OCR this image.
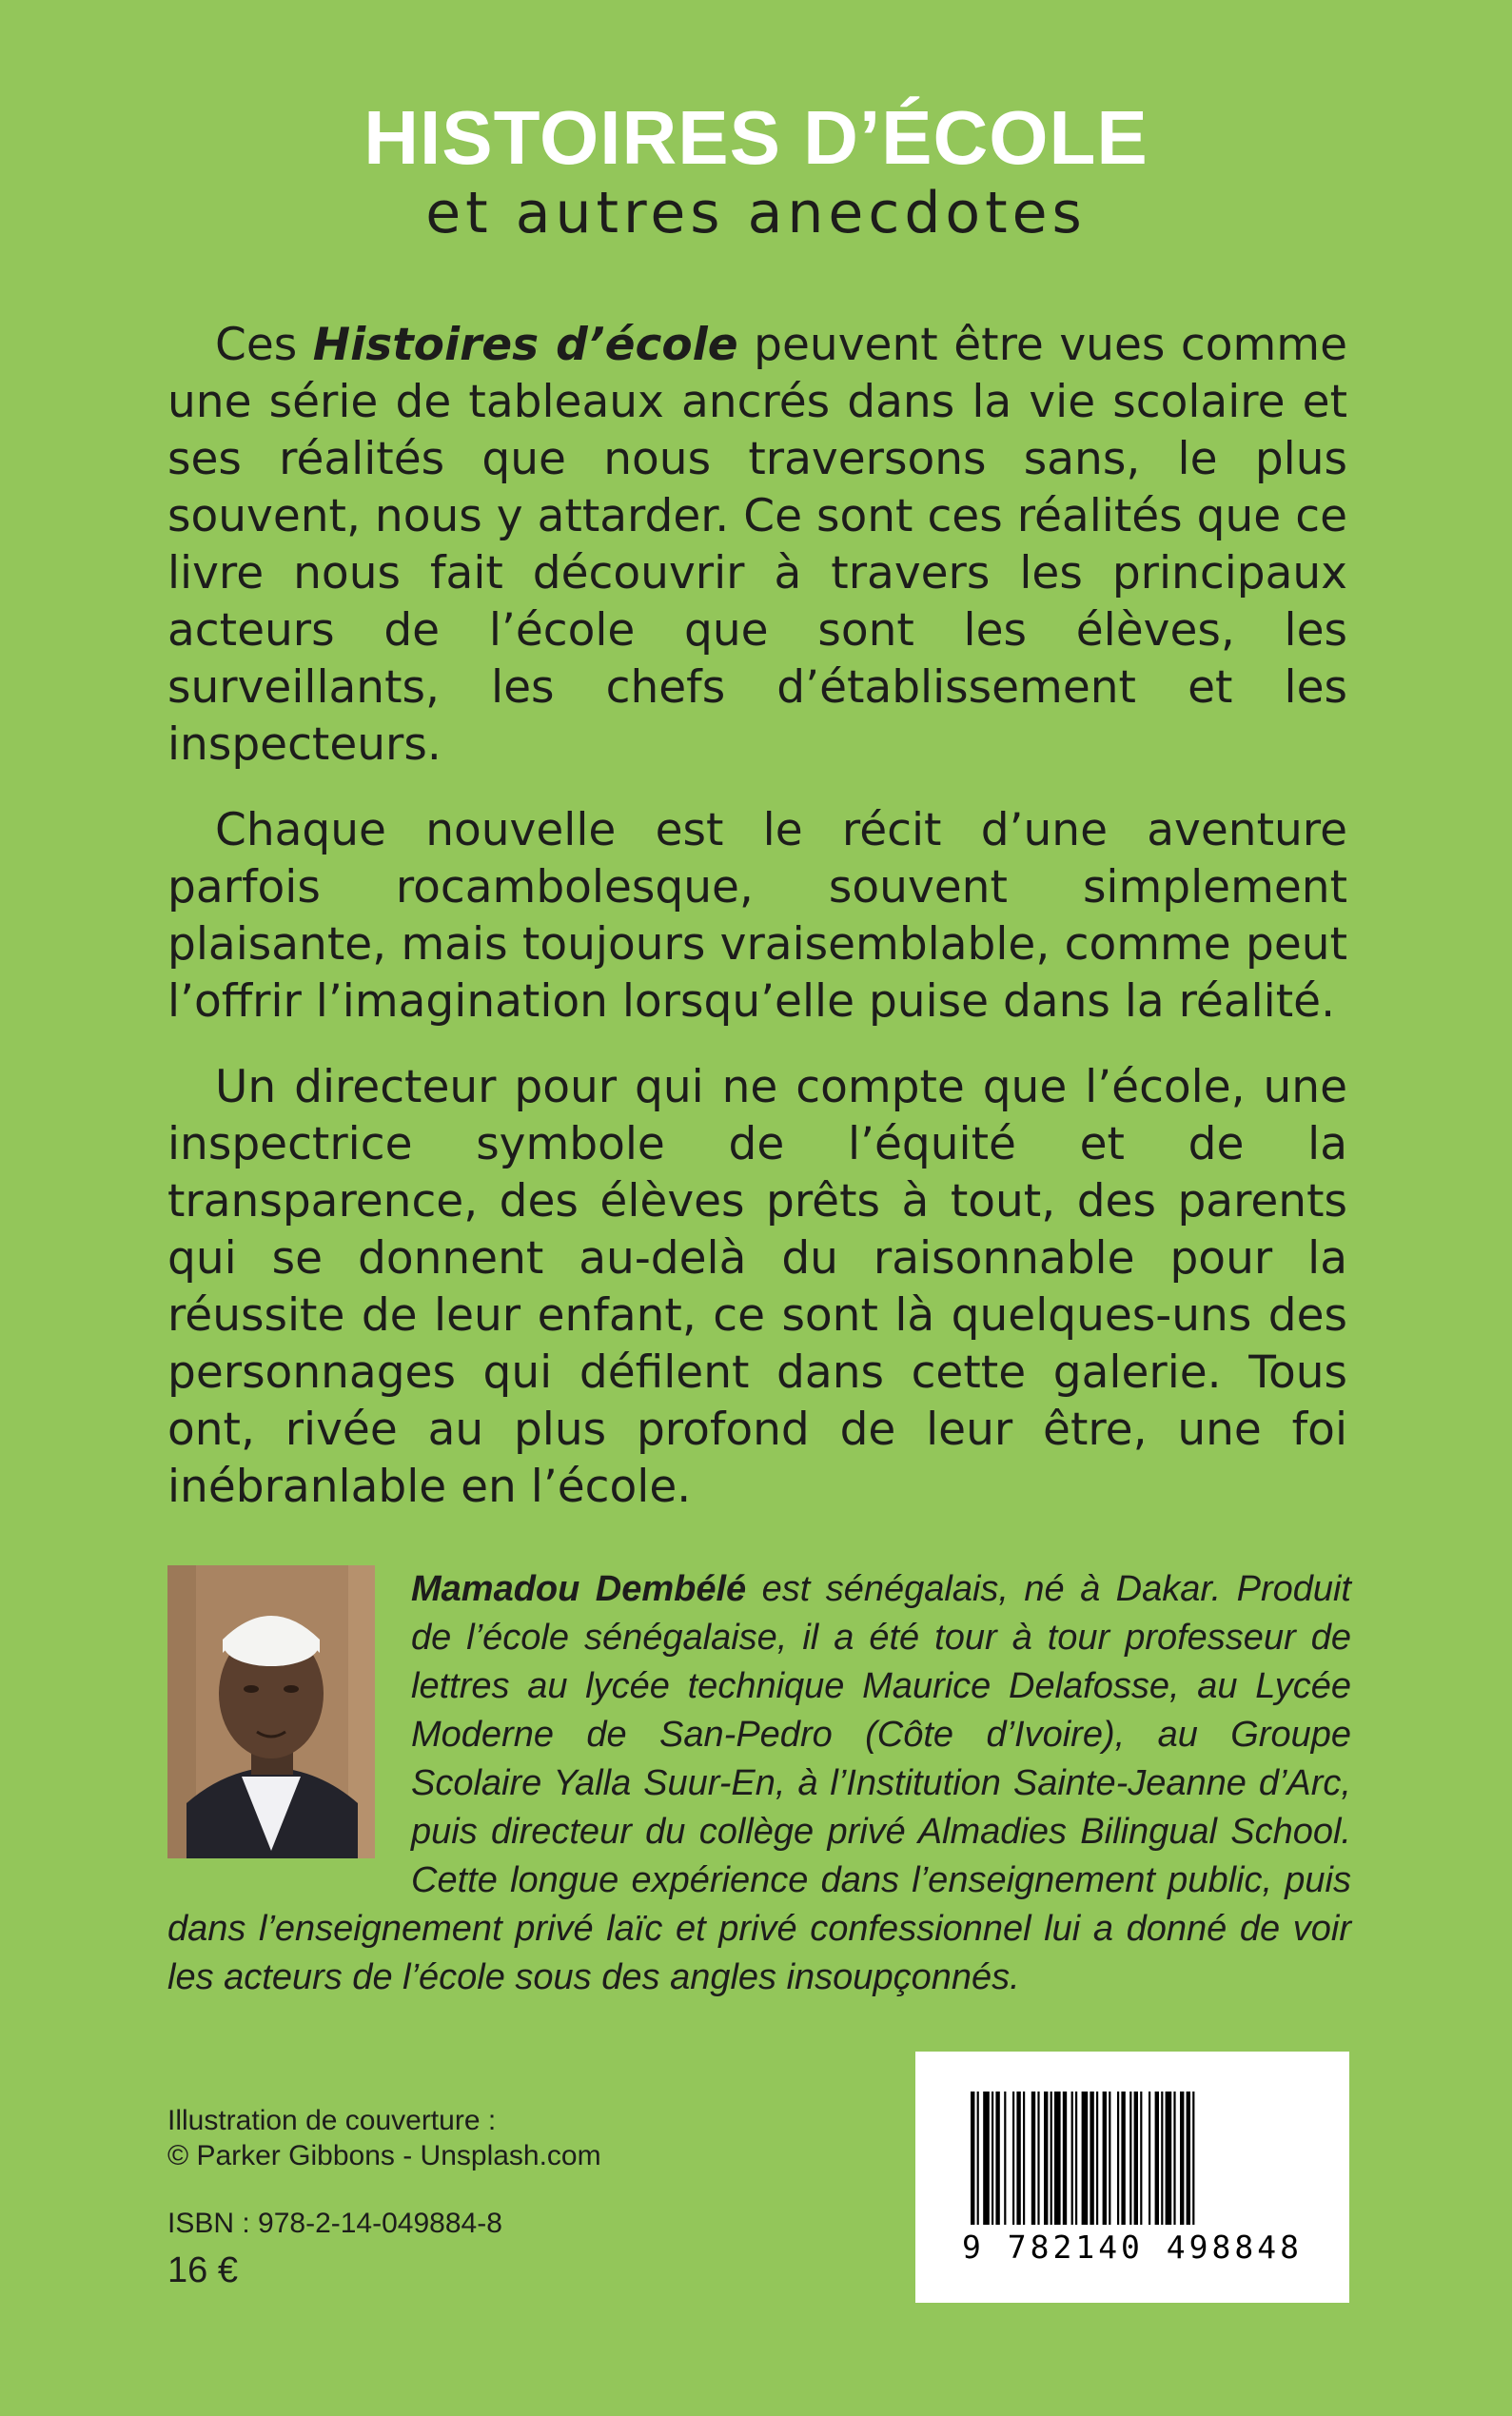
HISTOIRES D’ÉCOLE
et autres anecdotes

Ces Histoires d’école peuvent être vues comme une série de tableaux ancrés dans la vie scolaire et ses réalités que nous traversons sans, le plus souvent, nous y attarder. Ce sont ces réalités que ce livre nous fait découvrir à travers les principaux acteurs de l’école que sont les élèves, les surveillants, les chefs d’établissement et les inspecteurs.

Chaque nouvelle est le récit d’une aventure parfois rocambolesque, souvent simplement plaisante, mais toujours vraisemblable, comme peut l’offrir l’imagination lorsqu’elle puise dans la réalité.

Un directeur pour qui ne compte que l’école, une inspectrice symbole de l’équité et de la transparence, des élèves prêts à tout, des parents qui se donnent au-delà du raisonnable pour la réussite de leur enfant, ce sont là quelques-uns des personnages qui défilent dans cette galerie. Tous ont, rivée au plus profond de leur être, une foi inébranlable en l’école.

Mamadou Dembélé est sénégalais, né à Dakar. Produit de l’école sénégalaise, il a été tour à tour professeur de lettres au lycée technique Maurice Delafosse, au Lycée Moderne de San-Pedro (Côte d’Ivoire), au Groupe Scolaire Yalla Suur-En, à l’Institution Sainte-Jeanne d’Arc, puis directeur du collège privé Almadies Bilingual School. Cette longue expérience dans l’enseignement public, puis dans l’enseignement privé laïc et privé confessionnel lui a donné de voir les acteurs de l’école sous des angles insoupçonnés.

Illustration de couverture :
© Parker Gibbons - Unsplash.com
ISBN : 978-2-14-049884-8
16 €
9 782140 498848
